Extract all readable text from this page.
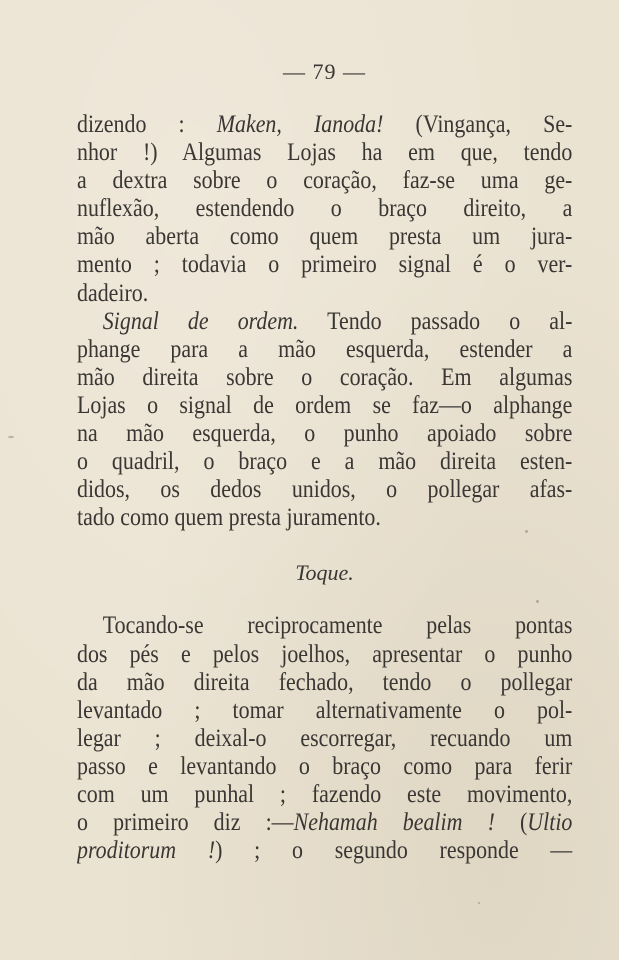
— 79 —
dizendo : Maken, Ianoda! (Vingança, Se-
nhor !) Algumas Lojas ha em que, tendo
a dextra sobre o coração, faz-se uma ge-
nuflexão, estendendo o braço direito, a
mão aberta como quem presta um jura-
mento ; todavia o primeiro signal é o ver-
dadeiro.
Signal de ordem. Tendo passado o al-
phange para a mão esquerda, estender a
mão direita sobre o coração. Em algumas
Lojas o signal de ordem se faz—o alphange
na mão esquerda, o punho apoiado sobre
o quadril, o braço e a mão direita esten-
didos, os dedos unidos, o pollegar afas-
tado como quem presta juramento.
Toque.
Tocando-se reciprocamente pelas pontas
dos pés e pelos joelhos, apresentar o punho
da mão direita fechado, tendo o pollegar
levantado ; tomar alternativamente o pol-
legar ; deixal-o escorregar, recuando um
passo e levantando o braço como para ferir
com um punhal ; fazendo este movimento,
o primeiro diz :—Nehamah bealim ! (Ultio
proditorum !) ; o segundo responde —
